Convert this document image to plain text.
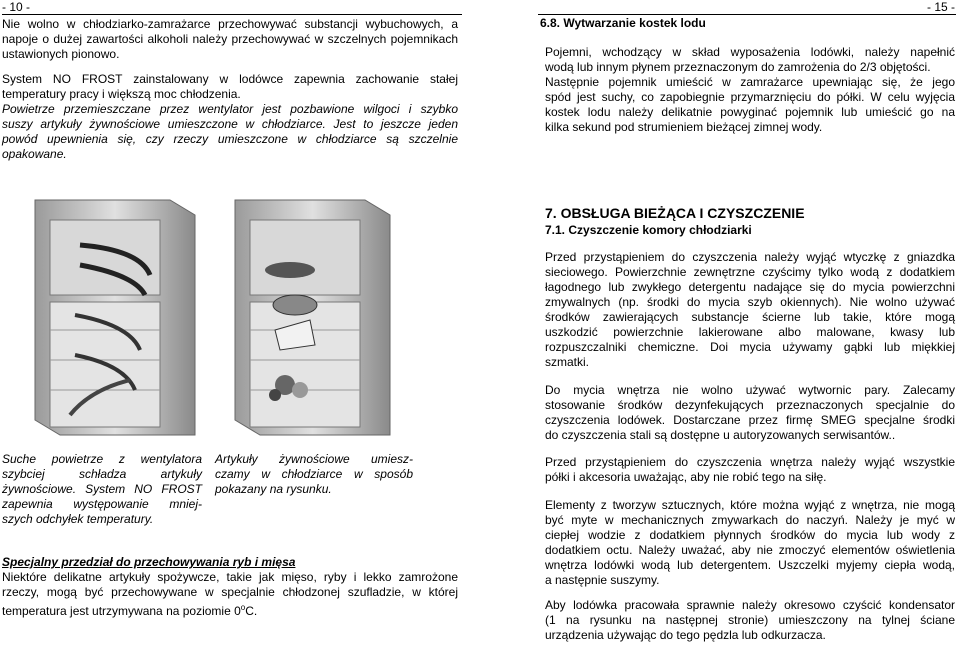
- 10 -

Nie wolno w chłodziarko-zamrażarce przechowywać substancji wybuchowych, a napoje o dużej zawartości alkoholi należy przechowywać w szczelnych pojemnikach ustawionych pionowo.

System NO FROST zainstalowany w lodówce zapewnia zachowanie stałej temperatury pracy i większą moc chłodzenia.

Powietrze przemieszczane przez wentylator jest pozbawione wilgoci i szybko
suszy artykuły żywnościowe umieszczone w chłodziarce. Jest to jeszcze jeden
powód upewnienia się, czy rzeczy umieszczone w chłodziarce są szczelnie
opakowane.

Suche powietrze z wentylatora
szybciej schładza artykuły
żywnościowe. System NO FROST
zapewnia występowanie mniej-
szych odchyłek temperatury.
Artykuły żywnościowe umiesz-
czamy w chłodziarce w sposób
pokazany na rysunku.
Specjalny przedział do przechowywania ryb i mięsa
Niektóre delikatne artykuły spożywcze, takie jak mięso, ryby i lekko zamrożone
rzeczy, mogą być przechowywane w specjalnie chłodzonej szufladzie, w której
temperatura jest utrzymywana na poziomie 0$^o$C.
- 15 -
6.8. Wytwarzanie kostek lodu
Pojemni, wchodzący w skład wyposażenia lodówki, należy napełnić
wodą lub innym płynem przeznaczonym do zamrożenia do 2/3 objętości.
Następnie pojemnik umieścić w zamrażarce upewniając się, że jego
spód jest suchy, co zapobiegnie przymarznięciu do półki. W celu wyjęcia
kostek lodu należy delikatnie powyginać pojemnik lub umieścić go na
kilka sekund pod strumieniem bieżącej zimnej wody.
7. OBSŁUGA BIEŻĄCA I CZYSZCZENIE
7.1. Czyszczenie komory chłodziarki
Przed przystąpieniem do czyszczenia należy wyjąć wtyczkę z gniazdka
sieciowego. Powierzchnie zewnętrzne czyścimy tylko wodą z dodatkiem
łagodnego lub zwykłego detergentu nadające się do mycia powierzchni
zmywalnych (np. środki do mycia szyb okiennych). Nie wolno używać
środków zawierających substancje ścierne lub takie, które mogą
uszkodzić powierzchnie lakierowane albo malowane, kwasy lub
rozpuszczalniki chemiczne. Doi mycia używamy gąbki lub miękkiej
szmatki.
Do mycia wnętrza nie wolno używać wytwornic pary. Zalecamy
stosowanie środków dezynfekujących przeznaczonych specjalnie do
czyszczenia lodówek. Dostarczane przez firmę SMEG specjalne środki
do czyszczenia stali są dostępne u autoryzowanych serwisantów..
Przed przystąpieniem do czyszczenia wnętrza należy wyjąć wszystkie
półki i akcesoria uważając, aby nie robić tego na siłę.
Elementy z tworzyw sztucznych, które można wyjąć z wnętrza, nie mogą
być myte w mechanicznych zmywarkach do naczyń. Należy je myć w
ciepłej wodzie z dodatkiem płynnych środków do mycia lub wody z
dodatkiem octu. Należy uważać, aby nie zmoczyć elementów oświetlenia
wnętrza lodówki wodą lub detergentem. Uszczelki myjemy ciepła wodą,
a następnie suszymy.
Aby lodówka pracowała sprawnie należy okresowo czyścić kondensator
(1 na rysunku na następnej stronie) umieszczony na tylnej ściane
urządzenia używając do tego pędzla lub odkurzacza.
